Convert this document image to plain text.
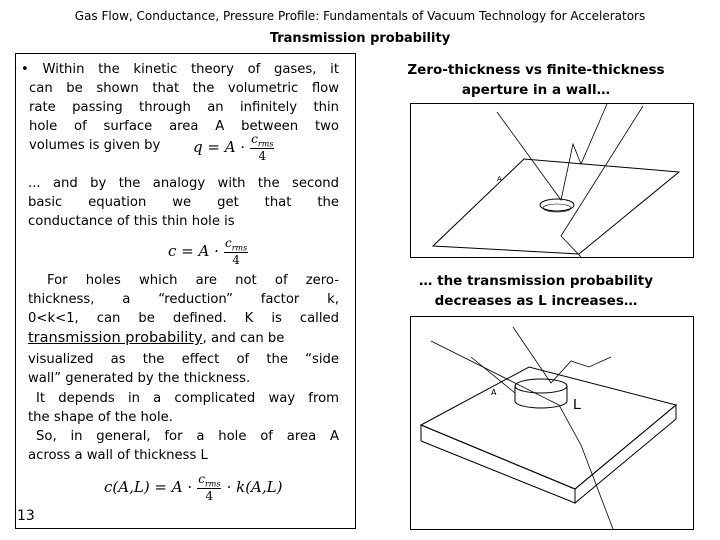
Gas Flow, Conductance, Pressure Profile: Fundamentals of Vacuum Technology for Accelerators
Transmission probability
• Within the kinetic theory of gases, it
can be shown that the volumetric flow
rate passing through an infinitely thin
hole of surface area A between two
volumes is given by $q = A \cdot \frac{c_{rms}}{4}$
... and by the analogy with the second
basic equation we get that the
conductance of this thin hole is
$c = A \cdot \frac{c_{rms}}{4}$
For holes which are not of zero-
thickness, a “reduction” factor k,
0<k<1, can be defined. K is called
transmission probability, and can be
visualized as the effect of the “side
wall” generated by the thickness.
It depends in a complicated way from
the shape of the hole.
So, in general, for a hole of area A
across a wall of thickness L
$c(A,L) = A \cdot \frac{c_{rms}}{4} \cdot k(A,L)$
13
Zero-thickness vs finite-thickness
aperture in a wall…
… the transmission probability
decreases as L increases…
A
A
L
